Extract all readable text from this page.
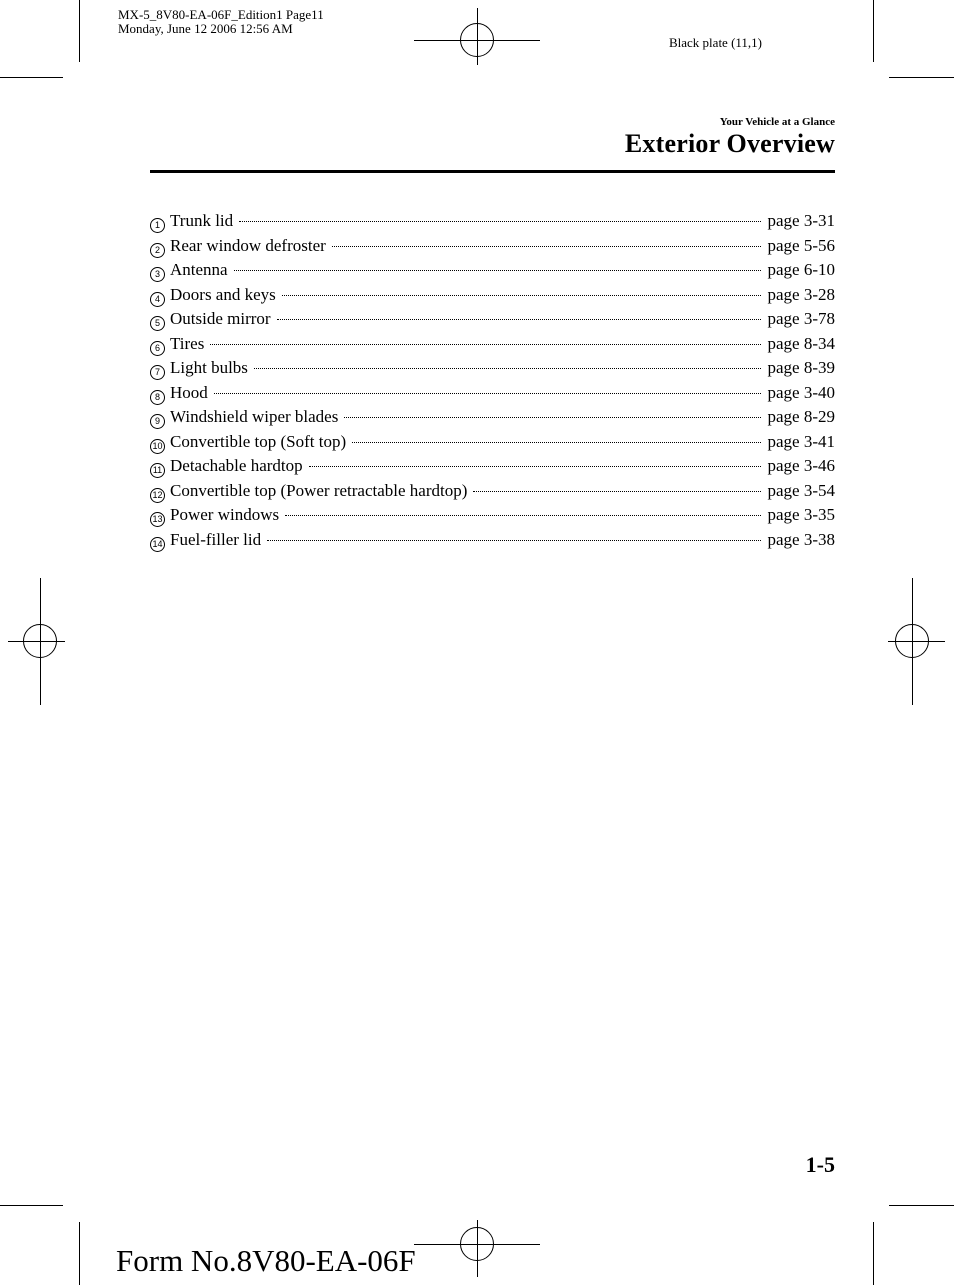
MX-5_8V80-EA-06F_Edition1 Page11
Monday, June 12 2006 12:56 AM
Black plate (11,1)
Your Vehicle at a Glance
Exterior Overview
1 Trunk lid	page 3-31
2 Rear window defroster	page 5-56
3 Antenna	page 6-10
4 Doors and keys	page 3-28
5 Outside mirror	page 3-78
6 Tires	page 8-34
7 Light bulbs	page 8-39
8 Hood	page 3-40
9 Windshield wiper blades	page 8-29
10 Convertible top (Soft top)	page 3-41
11 Detachable hardtop	page 3-46
12 Convertible top (Power retractable hardtop)	page 3-54
13 Power windows	page 3-35
14 Fuel-filler lid	page 3-38
1-5
Form No.8V80-EA-06F
